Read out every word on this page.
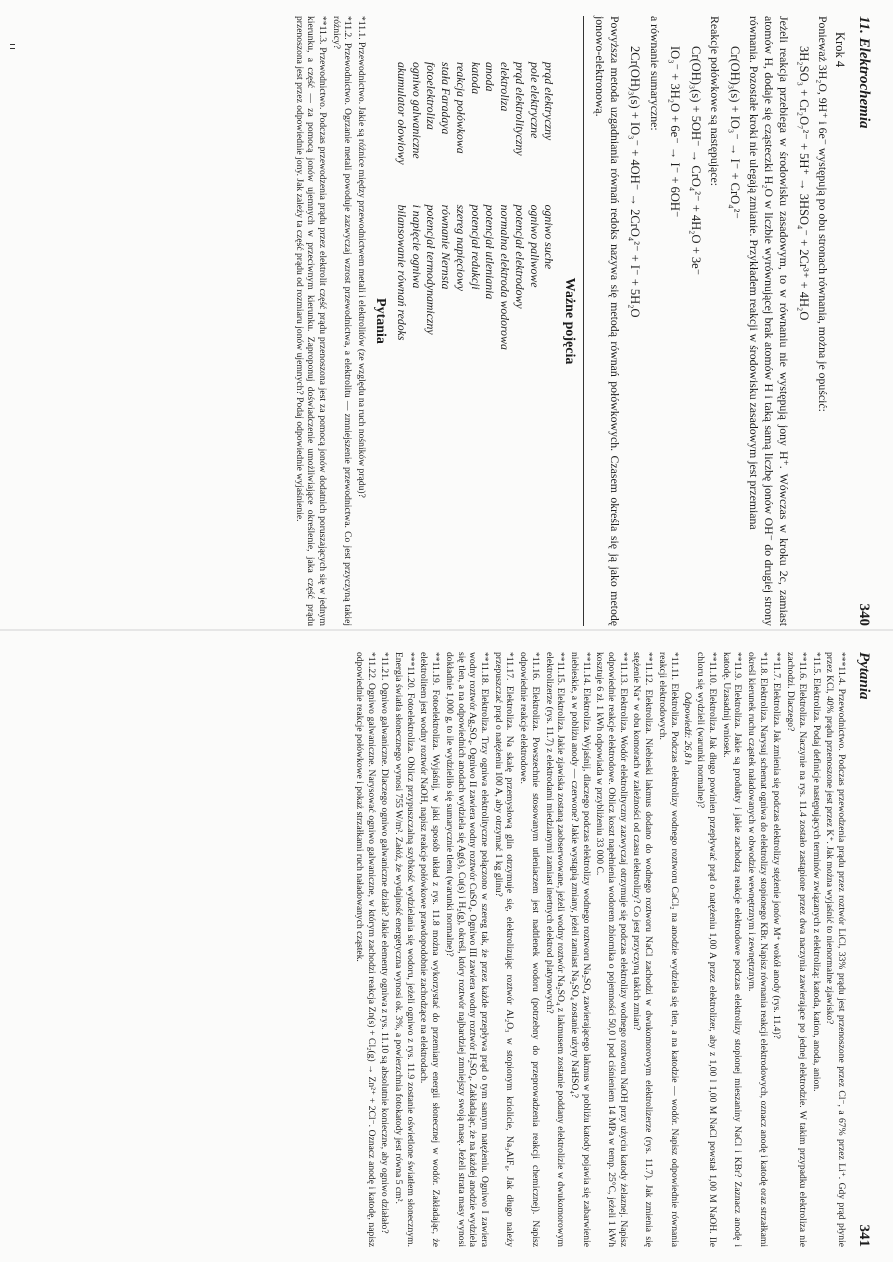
11. Elektrochemia
340
Krok 4

Ponieważ 3H₂O, 9H⁺ i 6e⁻ występują po obu stronach równania, można je opuścić:

3H₂SO₃ + Cr₂O₇²⁻ + 5H⁺ → 3HSO₄⁻ + 2Cr³⁺ + 4H₂O

Jeżeli reakcja przebiega w środowisku zasadowym, to w równaniu nie występują jony H⁺. Wówczas w kroku 2c, zamiast atomów H, dodaje się cząsteczki H₂O w liczbie wyrównującej brak atomów H i taką samą liczbę jonów OH⁻ do drugiej strony równania. Pozostałe kroki nie ulegają zmianie. Przykładem reakcji w środowisku zasadowym jest przemiana

Cr(OH)₃(s) + IO₃⁻ → I⁻ + CrO₄²⁻

Reakcje połówkowe są następujące:

Cr(OH)₃(s) + 5OH⁻ → CrO₄²⁻ + 4H₂O + 3e⁻
IO₃⁻ + 3H₂O + 6e⁻ → I⁻ + 6OH⁻

a równanie sumaryczne:

2Cr(OH)₃(s) + IO₃⁻ + 4OH⁻ → 2CrO₄²⁻ + I⁻ + 5H₂O

Powyższa metoda uzgadniania równań redoks nazywa się metodą równań połówkowych. Czasem określa się ją jako metodę jonowo-elektronową.

Ważne pojęcia
prąd elektryczny
pole elektryczne
prąd elektrolityczny
elektroliza
anoda
katoda
reakcja połówkowa
stała Faradaya
fotoelektroliza
ogniwo galwaniczne
akumulator ołowiowy
ogniwo suche
ogniwo paliwowe
potencjał elektrodowy
normalna elektroda wodorowa
potencjał utleniania
potencjał redukcji
szereg napięciowy
równanie Nernsta
potencjał termodynamiczny
i napięcie ogniwa
bilansowanie równań redoks
Pytania

*11.1. Przewodnictwo. Jakie są różnice między przewodnictwem metali i elektrolitów (ze względu na ruch nośników prądu)?

*11.2. Przewodnictwo. Ogrzanie metali powoduje zazwyczaj wzrost przewodnictwa, a elektrolitu — zmniejszenie przewodnictwa. Co jest przyczyną takiej różnicy?

**11.3. Przewodnictwo. Podczas przewodzenia prądu przez elektrolit część prądu przenoszona jest za pomocą jonów dodatnich poruszających się w jednym kierunku, a część — za pomocą jonów ujemnych w przeciwnym kierunku. Zaproponuj doświadczenie umożliwiające określenie, jaka część prądu przenoszona jest przez odpowiednie jony. Jak zależy ta część prądu od rozmiaru jonów ujemnych? Podaj odpowiednie wyjaśnienie.

Pytania
341

***11.4. Przewodnictwo. Podczas przewodzenia prądu przez roztwór LiCl, 33% prądu jest przenoszone przez Cl⁻, a 67% przez Li⁺. Gdy prąd płynie przez KCl, 40% prądu przenoszone jest przez K⁺. Jak można wyjaśnić to nienormalne zjawisko?

*11.5. Elektroliza. Podaj definicje następujących terminów związanych z elektrolizą: katoda, kation, anoda, anion.

**11.6. Elektroliza. Naczynie na rys. 11.4 zostało zastąpione przez dwa naczynia zawierające po jednej elektrodzie. W takim przypadku elektroliza nie zachodzi. Dlaczego?

**11.7. Elektroliza. Jak zmienia się podczas elektrolizy stężenie jonów M⁺ wokół anody (rys. 11.4)?

*11.8. Elektroliza. Narysuj schemat ogniwa do elektrolizy stopionego KBr. Napisz równania reakcji elektrodowych, oznacz anodę i katodę oraz strzałkami określ kierunek ruchu cząstek naładowanych w obwodzie wewnętrznym i zewnętrznym.

**11.9. Elektroliza. Jakie są produkty i jakie zachodzą reakcje elektrodowe podczas elektrolizy stopionej mieszaniny NaCl i KBr? Zaznacz anodę i katodę. Uzasadnij wniosek.

**11.10. Elektroliza. Jak długo powinien przepływać prąd o natężeniu 1,00 A przez elektrolizer, aby z 1,00 l 1,00 M NaCl powstał 1,00 M NaOH. Ile chloru się wydzieli (warunki normalne)?

Odpowiedź: 26,8 h

*11.11. Elektroliza. Podczas elektrolizy wodnego roztworu CaCl₂ na anodzie wydziela się tlen, a na katodzie — wodór. Napisz odpowiednie równania reakcji elektrodowych.

**11.12. Elektroliza. Niebieski lakmus dodano do wodnego roztworu NaCl zachodzi w dwukomorowym elektrolizerze (rys. 11.7). Jak zmienia się stężenie Na⁺ w obu komorach w zależności od czasu elektrolizy? Co jest przyczyną takich zmian?

**11.13. Elektroliza. Wodór elektrolityczny zazwyczaj otrzymuje się podczas elektrolizy wodnego roztworu NaOH przy użyciu katody żelaznej. Napisz odpowiednie reakcje elektrodowe. Oblicz koszt napełnienia wodorem zbiornika o pojemności 50,0 l pod ciśnieniem 14 MPa w temp. 25°C, jeżeli 1 kWh kosztuje 6 zł. 1 kWh odpowiada w przybliżeniu 33 000 C.

**11.14. Elektroliza. Wyjaśnij, dlaczego podczas elektrolizy wodnego roztworu Na₂SO₄ zawierającego lakmus w pobliżu katody pojawia się zabarwienie niebieskie, a w pobliżu anody — czerwone? Jakie wystąpią zmiany, jeżeli zamiast Na₂SO₄ zostanie użyty NaHSO₄?

**11.15. Elektroliza. Jakie zjawiska zostaną zaobserwowane, jeżeli wodny roztwór Na₂SO₄ z lakmusem zostanie poddany elektrolizie w dwukomorowym elektrolizerze (rys. 11.7) z elektrodami miedzianymi zamiast inertnych elektrod platynowych?

*11.16. Elektroliza. Powszechnie stosowanym utleniaczem jest nadtlenek wodoru (potrzebny do przeprowadzenia reakcji chemicznej). Napisz odpowiednie reakcje elektrodowe.

*11.17. Elektroliza. Na skalę przemysłową glin otrzymuje się, elektrolizując roztwór Al₂O₃ w stopionym kriolicie, Na₃AlF₆. Jak długo należy przepuszczać prąd o natężeniu 100 A, aby otrzymać 1 kg glinu?

**11.18. Elektroliza. Trzy ogniwa elektrolityczne połączono w szereg tak, że przez każde przepływa prąd o tym samym natężeniu. Ogniwo I zawiera wodny roztwór Ag₂SO₄. Ogniwo II zawiera wodny roztwór CuSO₄. Ogniwo III zawiera wodny roztwór H₂SO₄. Zakładając, że na każdej anodzie wydziela się tlen, a na odpowiednich anodach wydziela się Ag(s), Cu(s) i H₂(g), określ, który roztwór najbardziej zmniejszy swoją masę. Jeżeli strata masy wynosi dokładnie 1,000 g, to ile wydzieliło się sumarycznie tlenu (warunki normalne)?

**11.19. Fotoelektroliza. Wyjaśnij, w jaki sposób układ z rys. 11.8 można wykorzystać do przemiany energii słonecznej w wodór. Zakładając, że elektrolitem jest wodny roztwór NaOH, napisz reakcje połówkowe prawdopodobnie zachodzące na elektrodach.

***11.20. Fotoelektroliza. Oblicz przypuszczalną szybkość wydzielania się wodoru, jeżeli ogniwo z rys. 11.9 zostanie oświetlone światłem słonecznym. Energia światła słonecznego wynosi 755 W/m². Załóż, że wydajność energetyczna wynosi ok. 3%, a powierzchnia fotokatody jest równa 5 cm².

*11.21. Ogniwo galwaniczne. Dlaczego ogniwo galwaniczne działa? Jakie elementy ogniwa z rys. 11.10 są absolutnie konieczne, aby ogniwo działało?

*11.22. Ogniwo galwaniczne. Narysować ogniwo galwaniczne, w którym zachodzi reakcja Zn(s) + Cl₂(g) → Zn²⁺ + 2Cl⁻. Oznacz anodę i katodę, napisz odpowiednie reakcje połówkowe i pokaż strzałkami ruch naładowanych cząstek.
